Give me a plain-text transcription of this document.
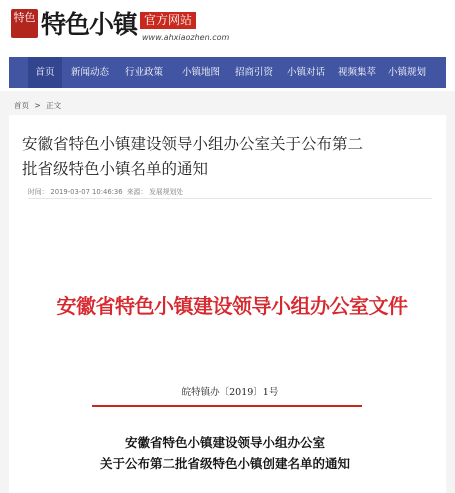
特色 特色小镇 官方网站
www.ahxiaozhen.com
首页	新闻动态	行业政策	小镇地图	招商引资	小镇对话	视频集萃	小镇规划
首页 > 正文
安徽省特色小镇建设领导小组办公室关于公布第二
批省级特色小镇名单的通知
时间： 2019-03-07 10:46:36 来源： 发展规划处
安徽省特色小镇建设领导小组办公室文件
皖特镇办〔2019〕1号
安徽省特色小镇建设领导小组办公室
关于公布第二批省级特色小镇创建名单的通知
